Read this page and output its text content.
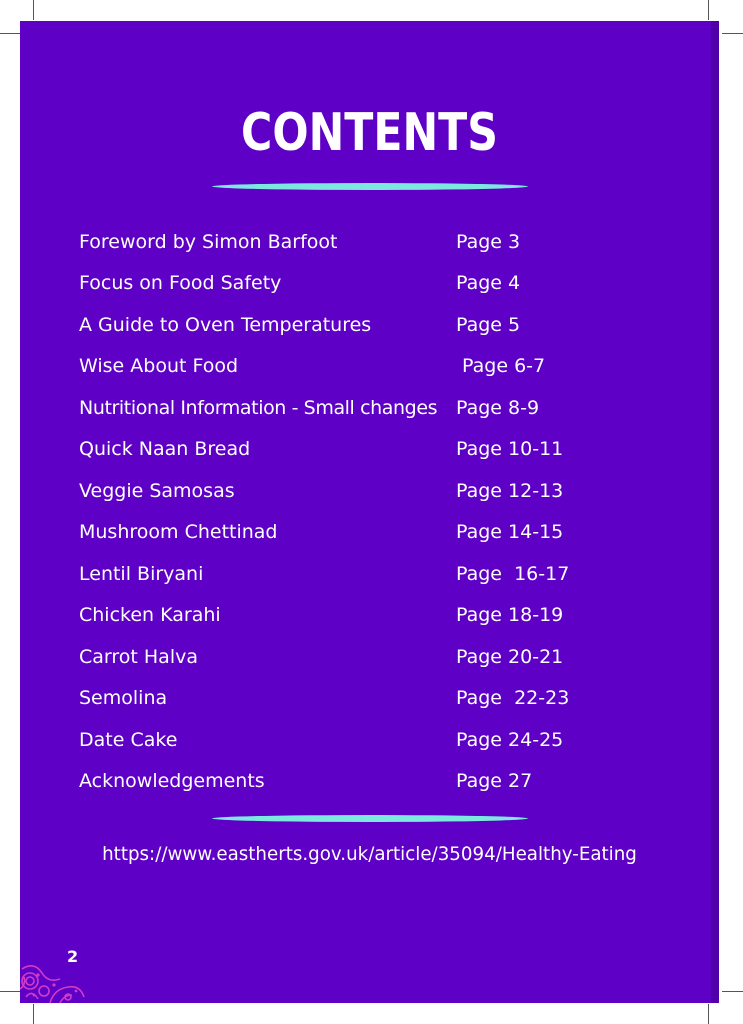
CONTENTS
Foreword by Simon Barfoot	Page 3
Focus on Food Safety	Page 4
A Guide to Oven Temperatures	Page 5
Wise About Food	Page 6-7
Nutritional Information - Small changes Page 8-9
Quick Naan Bread	Page 10-11
Veggie Samosas	Page 12-13
Mushroom Chettinad	Page 14-15
Lentil Biryani	Page  16-17
Chicken Karahi	Page 18-19
Carrot Halva	Page 20-21
Semolina	Page  22-23
Date Cake	Page 24-25
Acknowledgements	Page 27
https://www.eastherts.gov.uk/article/35094/Healthy-Eating
2
